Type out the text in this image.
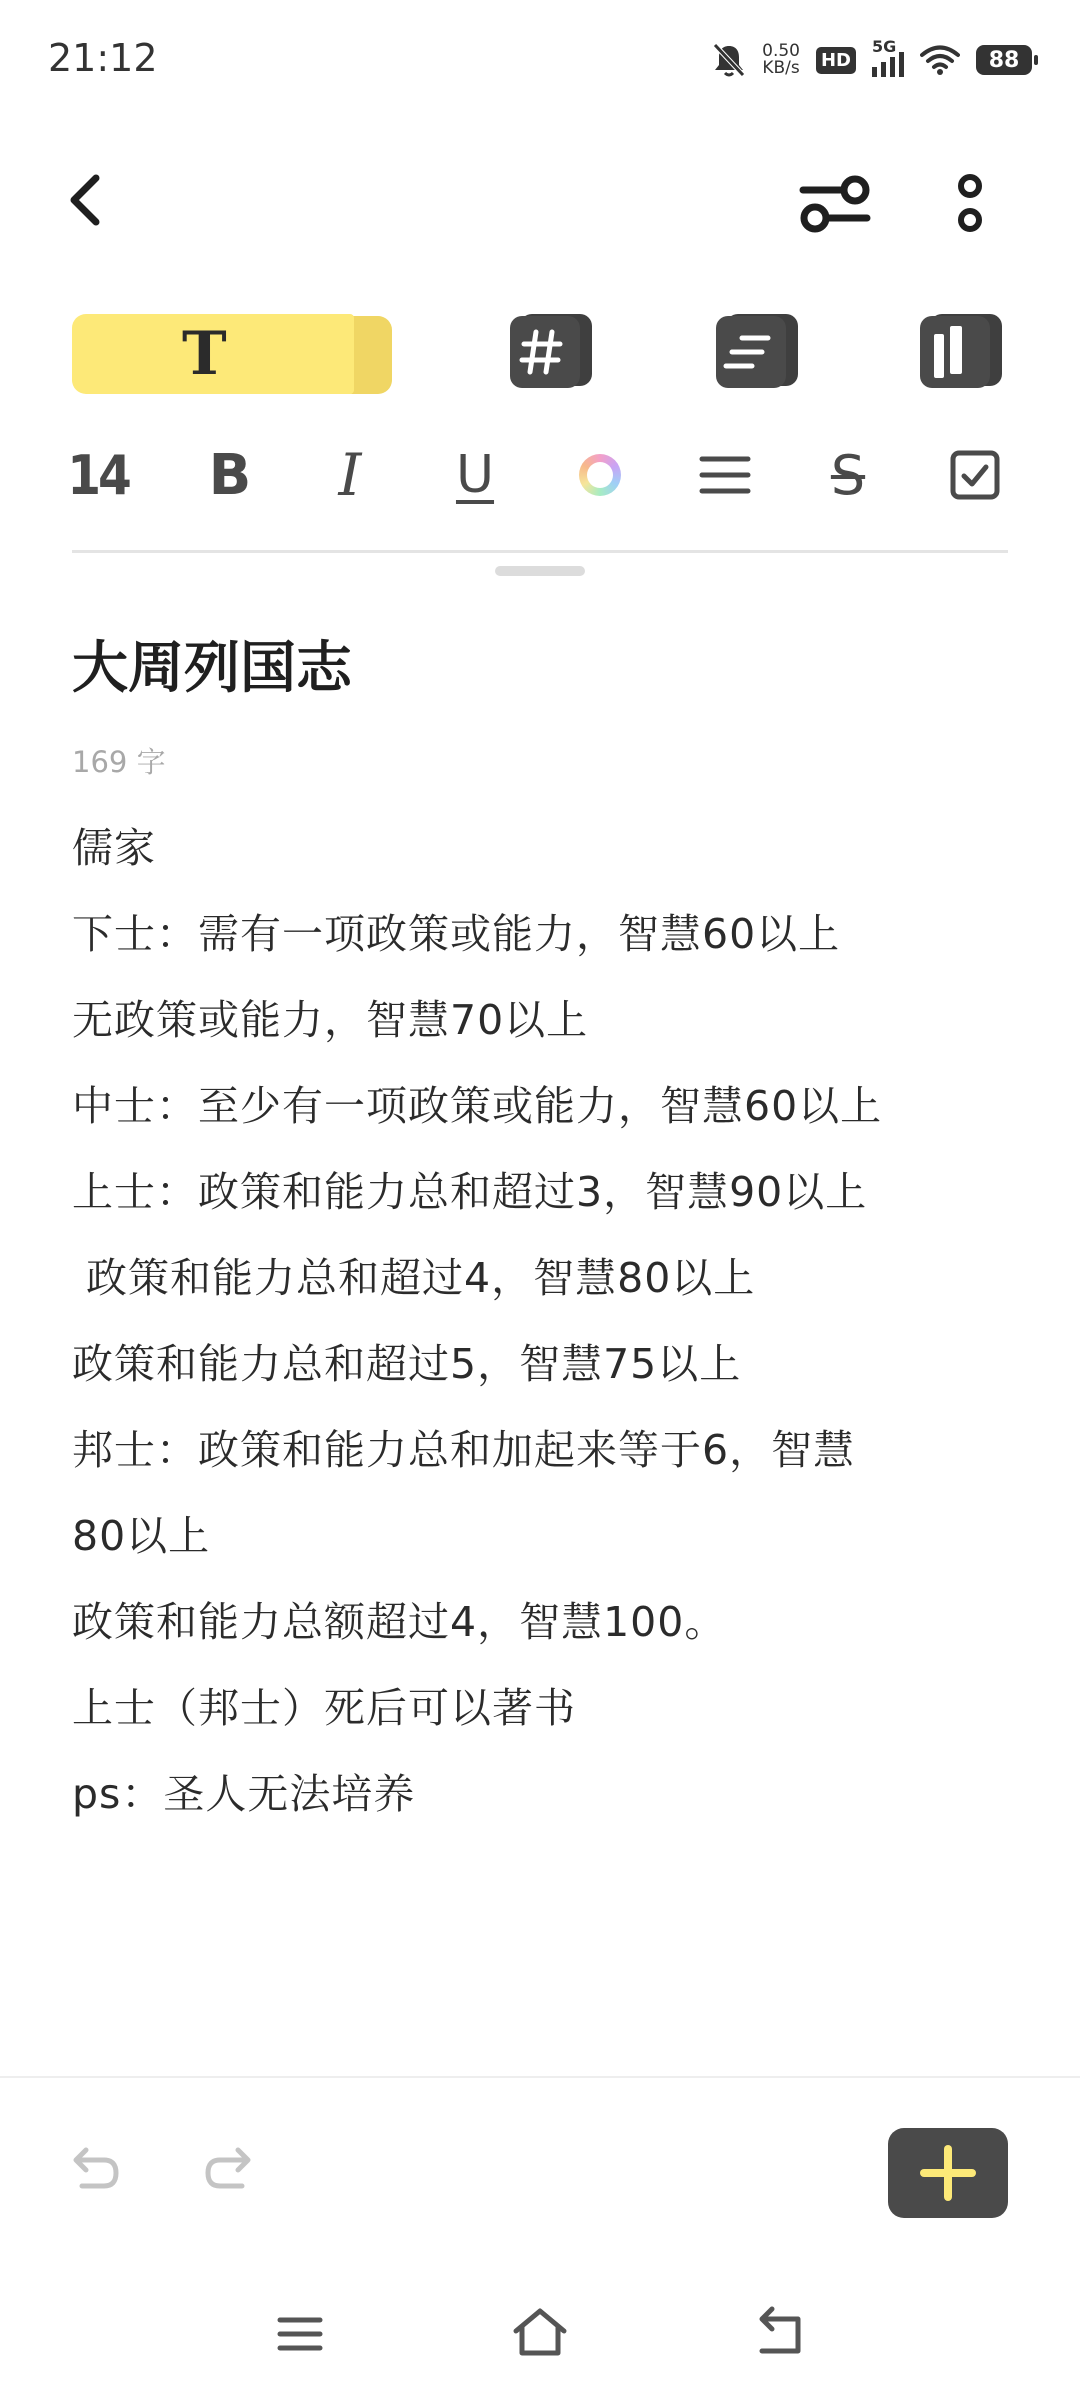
21:12	0.50
KB/s HD
5G
88
T
14 B	I	U	S
大周列国志
169 字
儒家
下士：需有一项政策或能力，智慧60以上
无政策或能力，智慧70以上
中士：至少有一项政策或能力，智慧60以上
上士：政策和能力总和超过3，智慧90以上
政策和能力总和超过4，智慧80以上
政策和能力总和超过5，智慧75以上
邦士：政策和能力总和加起来等于6，智慧
80以上
政策和能力总额超过4，智慧100。
上士（邦士）死后可以著书
ps：圣人无法培养
